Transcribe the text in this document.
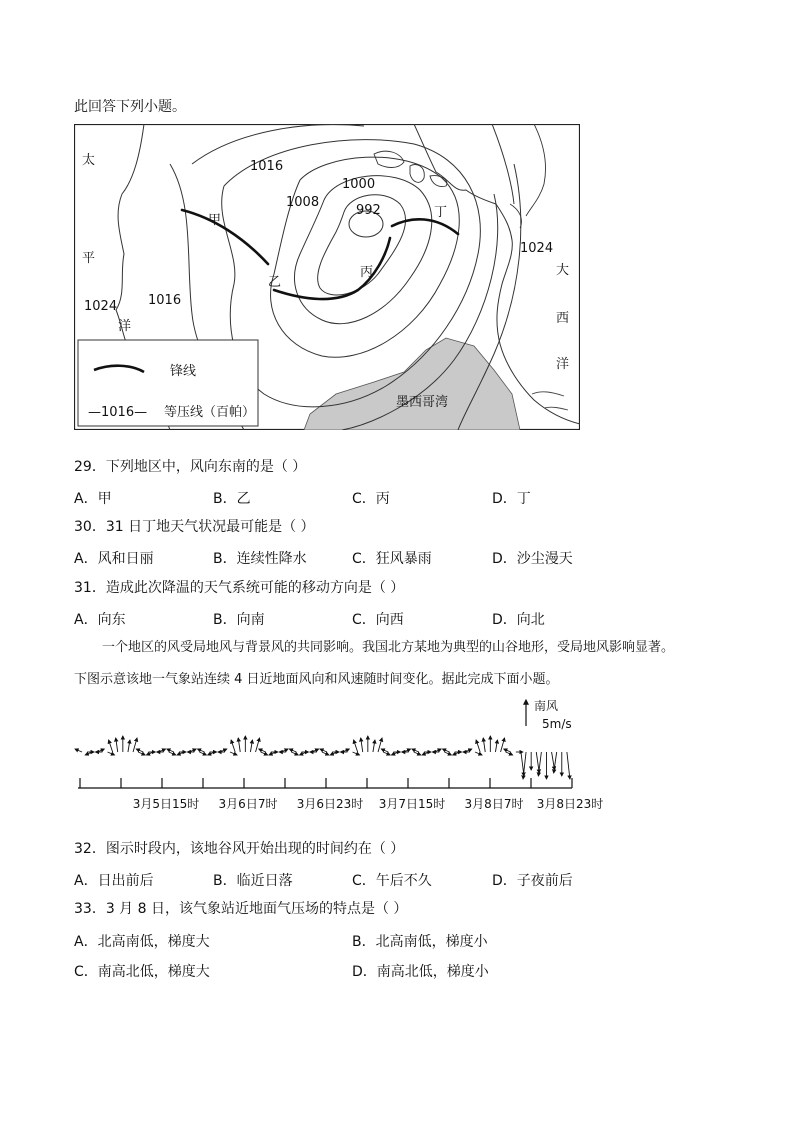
此回答下列小题。
太
平
洋
1024 1016
1016
1008
1000
992
甲
乙
丙
丁
1024
大
西
洋
墨西哥湾
锋线
—1016— 等压线（百帕）
29．下列地区中，风向东南的是（ ）
A．甲	B．乙	C．丙	D．丁
30．31 日丁地天气状况最可能是（ ）
A．风和日丽	B．连续性降水	C．狂风暴雨	D．沙尘漫天
31．造成此次降温的天气系统可能的移动方向是（ ）
A．向东	B．向南	C．向西	D．向北
一个地区的风受局地风与背景风的共同影响。我国北方某地为典型的山谷地形，受局地风影响显著。
下图示意该地一气象站连续 4 日近地面风向和风速随时间变化。据此完成下面小题。
南风
5m/s
3月5日15时 3月6日7时 3月6日23时 3月7日15时 3月8日7时 3月8日23时
32．图示时段内，该地谷风开始出现的时间约在（ ）
A．日出前后	B．临近日落	C．午后不久	D．子夜前后
33．3 月 8 日，该气象站近地面气压场的特点是（ ）
A．北高南低，梯度大	B．北高南低，梯度小
C．南高北低，梯度大	D．南高北低，梯度小
